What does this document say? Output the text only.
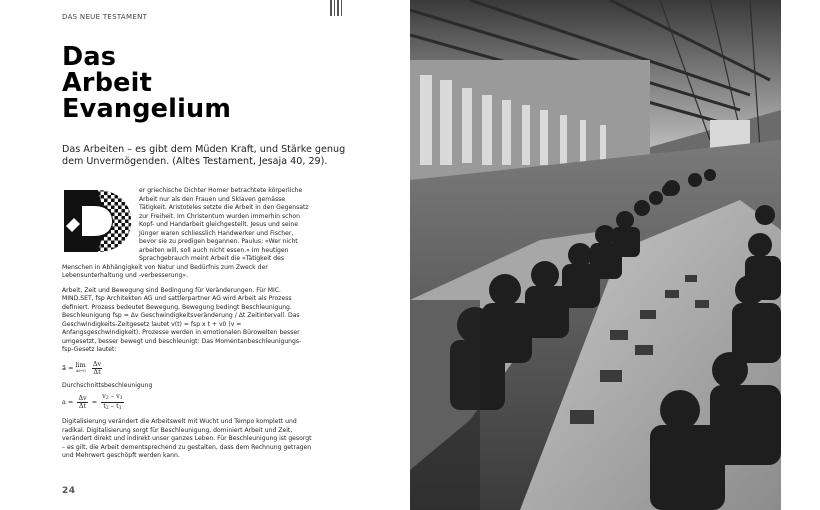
DAS NEUE TESTAMENT
Das
Arbeit
Evangelium
Das Arbeiten – es gibt dem Müden Kraft, und Stärke genug dem Unvermögenden. (Altes Testament, Jesaja 40, 29).
D	er griechische Dichter Homer betrachtete körperliche Arbeit nur als den Frauen und Sklaven gemässe Tätigkeit. Aristoteles setzte die Arbeit in den Gegensatz zur Freiheit. Im Christentum wurden immerhin schon Kopf- und Handarbeit gleichgestellt. Jesus und seine Jünger waren schliesslich Handwerker und Fischer, bevor sie zu predigen begannen. Paulus: «Wer nicht arbeiten will, soll auch nicht essen.» Im heutigen Sprachgebrauch meint Arbeit die «Tätigkeit des Menschen in Abhängigkeit von Natur und Bedürfnis zum Zweck der Lebensunterhaltung und -verbesserung».

Arbeit, Zeit und Bewegung sind Bedingung für Veränderungen. Für MIC. MIND.SET, fsp Architekten AG und sattlerpartner AG wird Arbeit als Prozess definiert. Prozess bedeutet Bewegung, Bewegung bedingt Beschleunigung. Beschleunigung fsp = Δv Geschwindigkeitsveränderung / Δt Zeitintervall. Das Geschwindigkeits-Zeitgesetz lautet v(t) = fsp x t + v0 (v = Anfangsgeschwindigkeit). Prozesse werden in emotionalen Bürowelten besser umgesetzt, besser bewegt und beschleunigt: Das Momentanbeschleunigungs-fsp-Gesetz lautet:

a⃗ = lim
$\Delta t\to 0 \frac{\Delta v}{\Delta t}$

Durchschnittsbeschleunigung

$a = \frac{\Delta v}{\Delta t} = \frac{v_2 - v_1}{t_2 - t_1}$

Digitalisierung verändert die Arbeitswelt mit Wucht und Tempo komplett und radikal. Digitalisierung sorgt für Beschleunigung, dominiert Arbeit und Zeit, verändert direkt und indirekt unser ganzes Leben. Für Beschleunigung ist gesorgt – es gilt, die Arbeit dementsprechend zu gestalten, dass dem Rechnung getragen und Mehrwert geschöpft werden kann.

24
